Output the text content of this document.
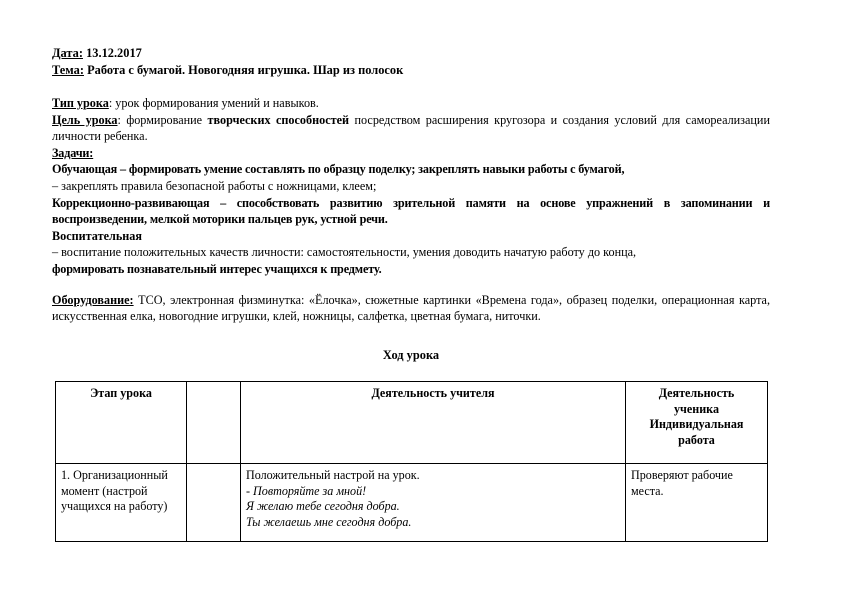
Дата: 13.12.2017
Тема: Работа с бумагой. Новогодняя игрушка. Шар из полосок

Тип урока: урок формирования умений и навыков.

Цель урока: формирование творческих способностей посредством расширения кругозора и создания условий для самореализации личности ребенка.

Задачи:

Обучающая – формировать умение составлять по образцу поделку; закреплять навыки работы с бумагой,

– закреплять правила безопасной работы с ножницами, клеем;

Коррекционно-развивающая – способствовать развитию зрительной памяти на основе упражнений в запоминании и воспроизведении, мелкой моторики пальцев рук, устной речи.

Воспитательная

– воспитание положительных качеств личности: самостоятельности, умения доводить начатую работу до конца,

формировать познавательный интерес учащихся к предмету.

Оборудование: ТСО, электронная физминутка: «Ёлочка», сюжетные картинки «Времена года», образец поделки, операционная карта, искусственная елка, новогодние игрушки, клей, ножницы, салфетка, цветная бумага, ниточки.

Ход урока
Этап урока		Деятельность учителя	Деятельность
ученика
Индивидуальная
работа

1. Организационный
момент (настрой
учащихся на работу)		Положительный настрой на урок.
- Повторяйте за мной!
Я желаю тебе сегодня добра.
Ты желаешь мне сегодня добра.	Проверяют рабочие
места.
